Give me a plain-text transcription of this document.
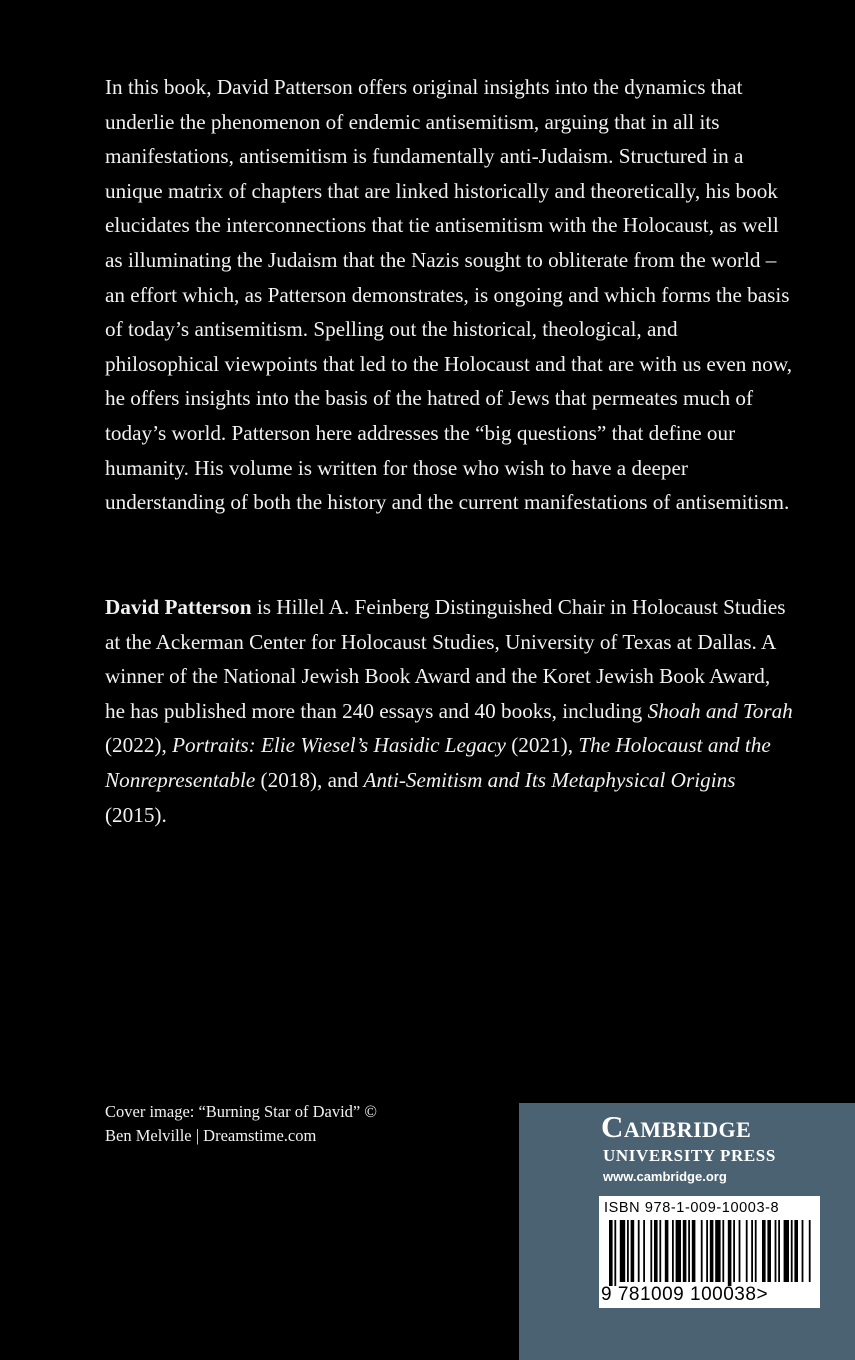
In this book, David Patterson offers original insights into the dynamics that underlie the phenomenon of endemic antisemitism, arguing that in all its manifestations, antisemitism is fundamentally anti-Judaism. Structured in a unique matrix of chapters that are linked historically and theoretically, his book elucidates the interconnections that tie antisemitism with the Holocaust, as well as illuminating the Judaism that the Nazis sought to obliterate from the world – an effort which, as Patterson demonstrates, is ongoing and which forms the basis of today’s antisemitism. Spelling out the historical, theological, and philosophical viewpoints that led to the Holocaust and that are with us even now, he offers insights into the basis of the hatred of Jews that permeates much of today’s world. Patterson here addresses the “big questions” that define our humanity. His volume is written for those who wish to have a deeper understanding of both the history and the current manifestations of antisemitism.

David Patterson is Hillel A. Feinberg Distinguished Chair in Holocaust Studies at the Ackerman Center for Holocaust Studies, University of Texas at Dallas. A winner of the National Jewish Book Award and the Koret Jewish Book Award, he has published more than 240 essays and 40 books, including Shoah and Torah (2022), Portraits: Elie Wiesel’s Hasidic Legacy (2021), The Holocaust and the Nonrepresentable (2018), and Anti-Semitism and Its Metaphysical Origins (2015).

Cover image: “Burning Star of David” ©
Ben Melville | Dreamstime.com	Cambridge
UNIVERSITY PRESS
www.cambridge.org
ISBN 978-1-009-10003-8
9 781009 100038>
